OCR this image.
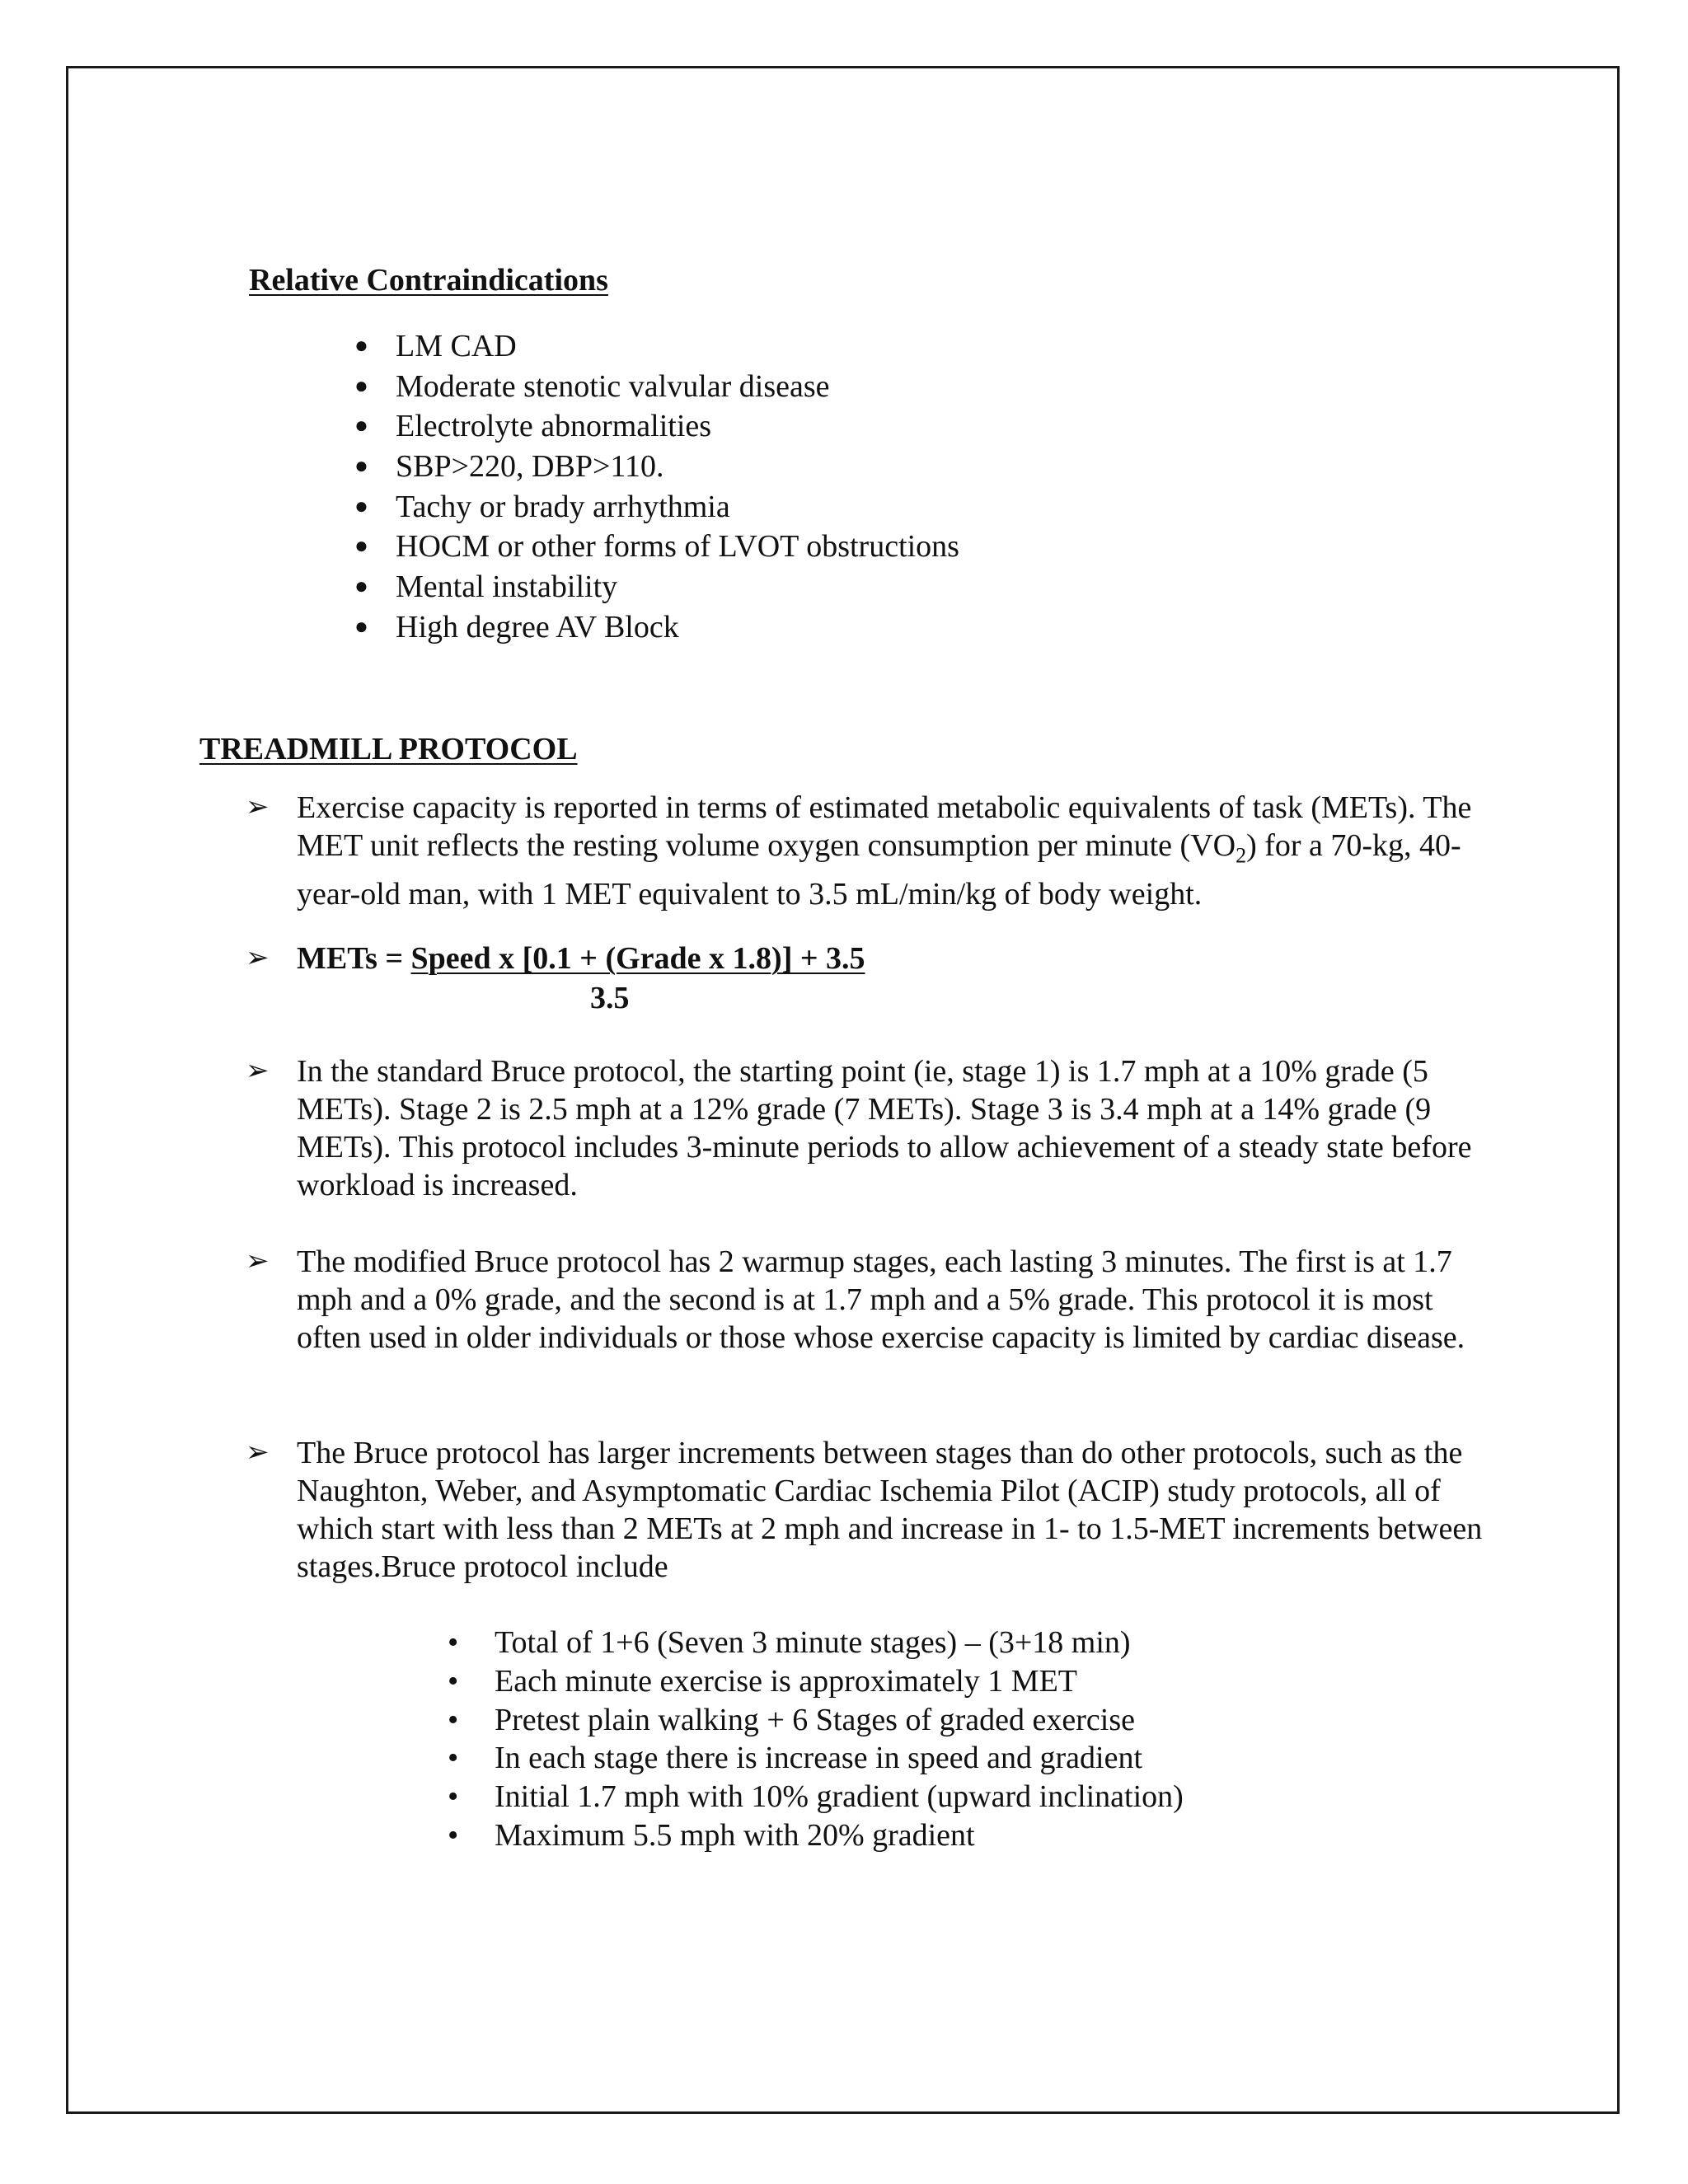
Relative Contraindications
● LM CAD
● Moderate stenotic valvular disease
● Electrolyte abnormalities
● SBP>220, DBP>110.
● Tachy or brady arrhythmia
● HOCM or other forms of LVOT obstructions
● Mental instability
● High degree AV Block
TREADMILL PROTOCOL
➢ Exercise capacity is reported in terms of estimated metabolic equivalents of task (METs). The MET unit reflects the resting volume oxygen consumption per minute $(VO_2)$ for a 70-kg, 40-year-old man, with 1 MET equivalent to 3.5 mL/min/kg of body weight.
➢ METs = Speed x [0.1 + (Grade x 1.8)] + 3.5
3.5
➢ In the standard Bruce protocol, the starting point (ie, stage 1) is 1.7 mph at a 10% grade (5 METs). Stage 2 is 2.5 mph at a 12% grade (7 METs). Stage 3 is 3.4 mph at a 14% grade (9 METs). This protocol includes 3-minute periods to allow achievement of a steady state before workload is increased.
➢ The modified Bruce protocol has 2 warmup stages, each lasting 3 minutes. The first is at 1.7 mph and a 0% grade, and the second is at 1.7 mph and a 5% grade. This protocol it is most often used in older individuals or those whose exercise capacity is limited by cardiac disease.
➢ The Bruce protocol has larger increments between stages than do other protocols, such as the Naughton, Weber, and Asymptomatic Cardiac Ischemia Pilot (ACIP) study protocols, all of which start with less than 2 METs at 2 mph and increase in 1- to 1.5-MET increments between stages.Bruce protocol include
• Total of 1+6 (Seven 3 minute stages) – (3+18 min)
• Each minute exercise is approximately 1 MET
• Pretest plain walking + 6 Stages of graded exercise
• In each stage there is increase in speed and gradient
• Initial 1.7 mph with 10% gradient (upward inclination)
• Maximum 5.5 mph with 20% gradient
